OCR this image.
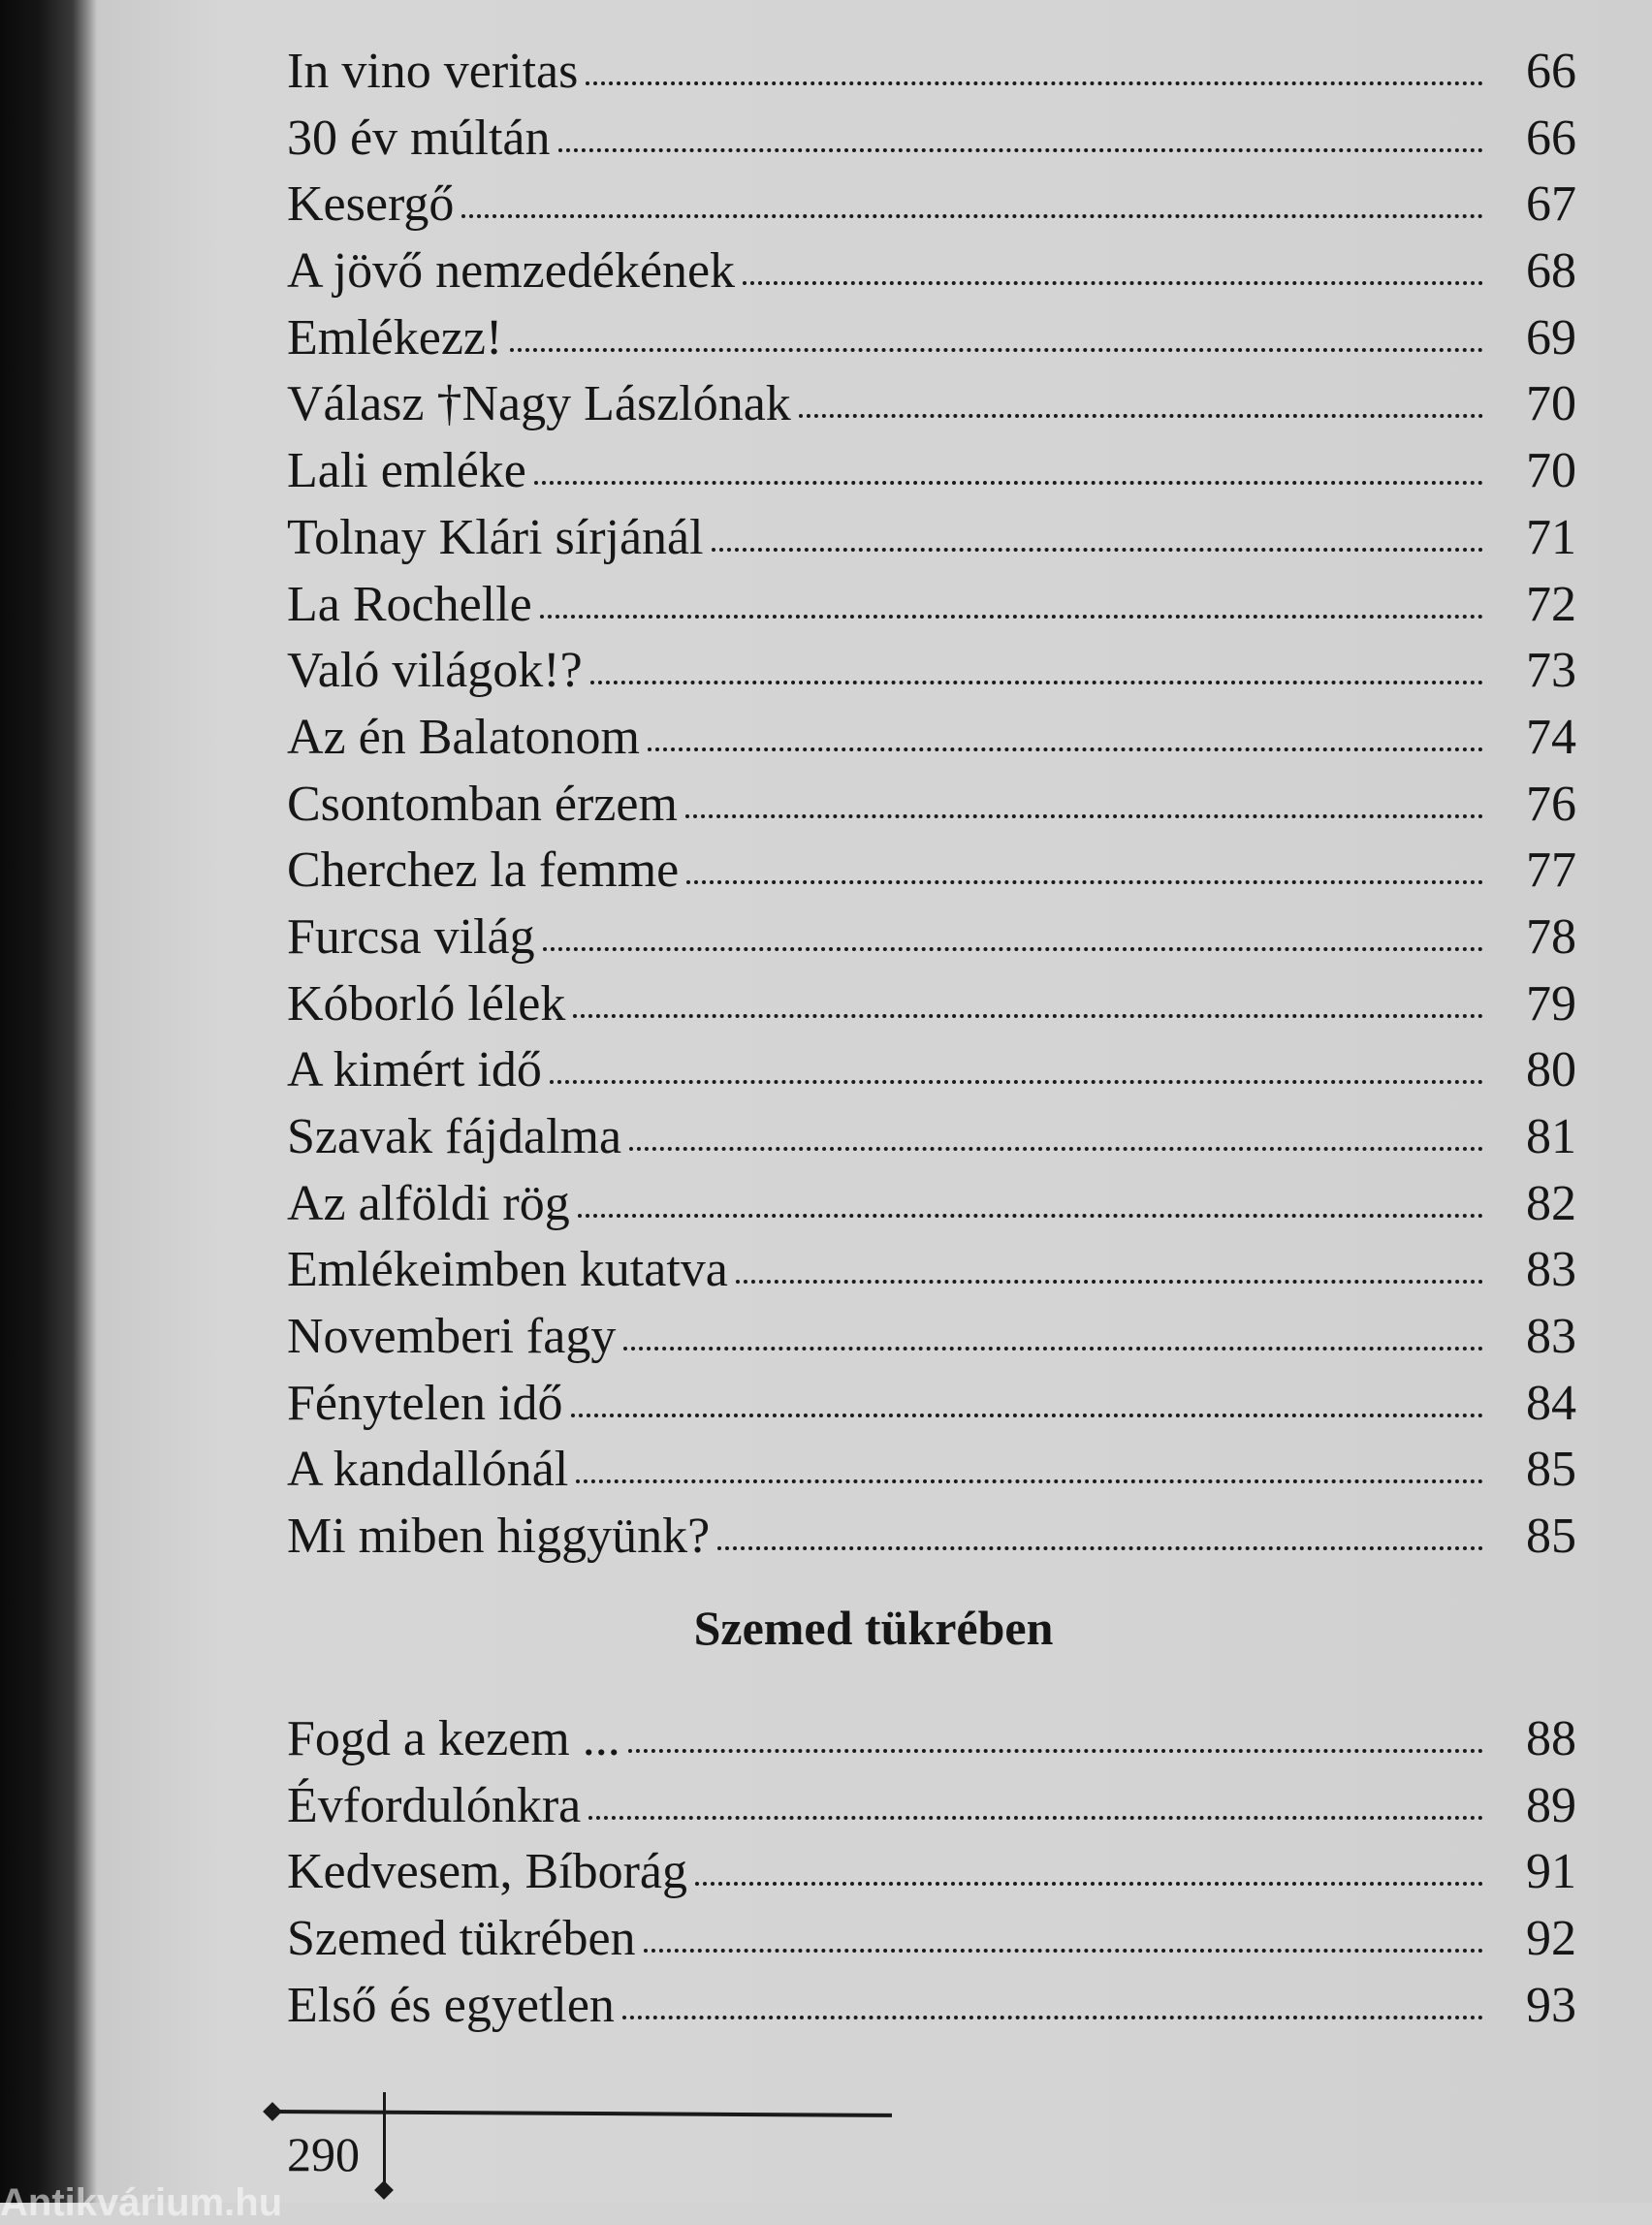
In vino veritas	66
30 év múltán	66
Kesergő	67
A jövő nemzedékének	68
Emlékezz!	69
Válasz †Nagy Lászlónak	70
Lali emléke	70
Tolnay Klári sírjánál	71
La Rochelle	72
Való világok!?	73
Az én Balatonom	74
Csontomban érzem	76
Cherchez la femme	77
Furcsa világ	78
Kóborló lélek	79
A kimért idő	80
Szavak fájdalma	81
Az alföldi rög	82
Emlékeimben kutatva	83
Novemberi fagy	83
Fénytelen idő	84
A kandallónál	85
Mi miben higgyünk?	85
Szemed tükrében
Fogd a kezem ...	88
Évfordulónkra	89
Kedvesem, Bíborág	91
Szemed tükrében	92
Első és egyetlen	93
290
Antikvárium.hu
